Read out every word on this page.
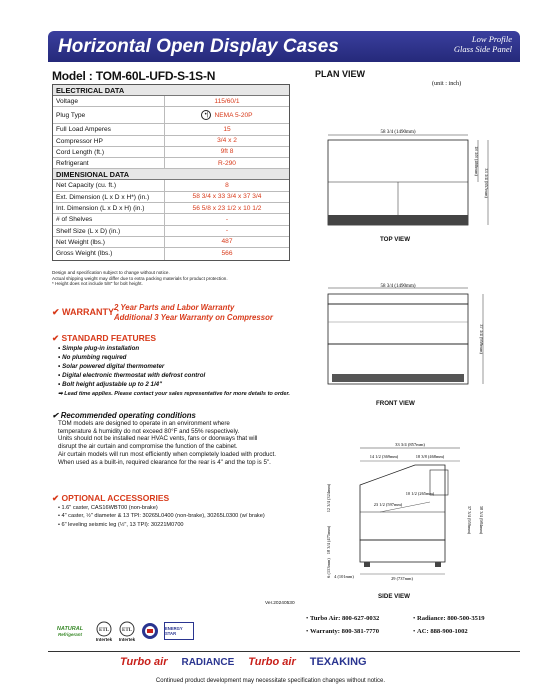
Horizontal Open Display Cases	Low Profile
Glass Side Panel
Model : TOM-60L-UFD-S-1S-N
ELECTRICAL DATA
Voltage	115/60/1
Plug Type	•| NEMA 5-20P
Full Load Amperes	15
Compressor HP	3/4 x 2
Cord Length (ft.)	9ft 8
Refrigerant	R-290
DIMENSIONAL DATA
Net Capacity (cu. ft.)	8
Ext. Dimension (L x D x H*) (in.)	58 3/4 x 33 3/4 x 37 3/4
Int. Dimension (L x D x H) (in.)	56 5/8 x 23 1/2 x 10 1/2
# of Shelves	-
Shelf Size (L x D) (in.)	-
Net Weight (lbs.)	487
Gross Weight (lbs.)	566
Design and specification subject to change without notice.
Actual shipping weight may differ due to extra packing materials for product protection.
* Height does not include 5/8" for bolt height.
✔ WARRANTY :
2 Year Parts and Labor Warranty
Additional 3 Year Warranty on Compressor
✔ STANDARD FEATURES
• Simple plug-in installation
• No plumbing required
• Solar powered digital thermometer
• Digital electronic thermostat with defrost control
• Bolt height adjustable up to 2 1/4"
➡ Lead time applies. Please contact your sales representative for more details to order.
✔ Recommended operating conditions
TOM models are designed to operate in an environment where
temperature & humidity do not exceed 80°F and 55% respectively.
Units should not be installed near HVAC vents, fans or doorways that will
disrupt the air curtain and compromise the function of the cabinet.
Air curtain models will run most efficiently when completely loaded with product.
When used as a built-in, required clearance for the rear is 4" and the top is 5".
✔ OPTIONAL ACCESSORIES
• 1.6" caster, CAS16WBT00 (non-brake)
• 4" caster, ½" diameter & 13 TPI: 30265L0400 (non-brake), 30265L0300 (w/ brake)
• 6" leveling seismic leg (½", 13 TPI): 30221M0700
Ver.20240530
NATURAL
Refrigerant
ETL
Intertek
ETL
Intertek
ENERGY STAR
• Turbo Air: 800-627-0032	• Radiance: 800-500-3519
• Warranty: 800-381-7770	• AC: 888-900-1002
Turbo air RADIANCE Turbo air TEXAKING
Continued product development may necessitate specification changes without notice.
PLAN VIEW
(unit : inch)
58 3/4 (1490mm)
18 3/8 (468mm)
33 3/4 (857mm)
TOP VIEW
58 3/4 (1490mm)
37 3/4 (959mm)
FRONT VIEW
33 3/4 (857mm)
14 1/2 (369mm)	18 3/8 (468mm)
10 1/2 (265mm)
23 1/2 (597mm)
29 (737mm)
12 3/4 (324mm)
18 3/4 (475mm)
6 (153mm) 4 (101mm)
37 3/4 (959mm) 38 3/4 (984mm)
SIDE VIEW
